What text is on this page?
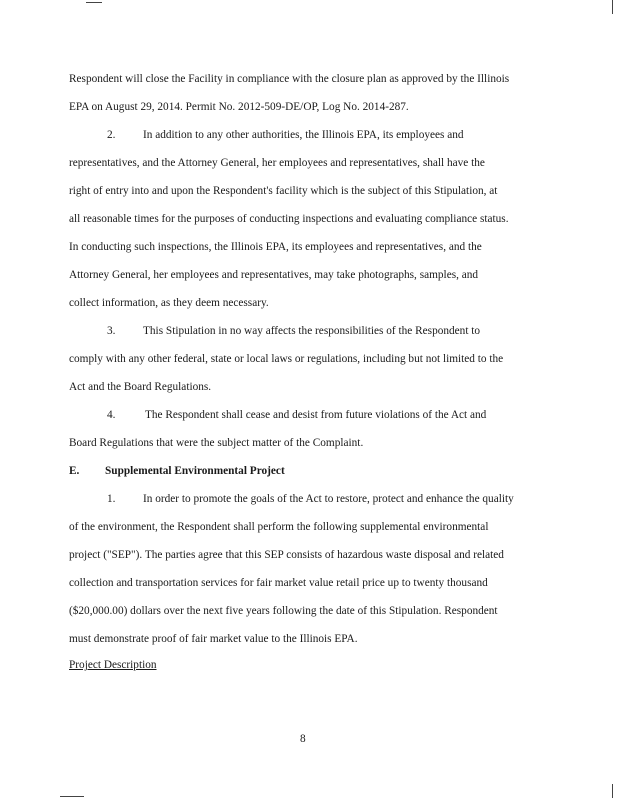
Respondent will close the Facility in compliance with the closure plan as approved by the Illinois
EPA on August 29, 2014. Permit No. 2012-509-DE/OP, Log No. 2014-287.
2. In addition to any other authorities, the Illinois EPA, its employees and
representatives, and the Attorney General, her employees and representatives, shall have the
right of entry into and upon the Respondent's facility which is the subject of this Stipulation, at
all reasonable times for the purposes of conducting inspections and evaluating compliance status.
In conducting such inspections, the Illinois EPA, its employees and representatives, and the
Attorney General, her employees and representatives, may take photographs, samples, and
collect information, as they deem necessary.
3. This Stipulation in no way affects the responsibilities of the Respondent to
comply with any other federal, state or local laws or regulations, including but not limited to the
Act and the Board Regulations.
4.	The Respondent shall cease and desist from future violations of the Act and
Board Regulations that were the subject matter of the Complaint.
E. Supplemental Environmental Project
1. In order to promote the goals of the Act to restore, protect and enhance the quality
of the environment, the Respondent shall perform the following supplemental environmental
project ("SEP"). The parties agree that this SEP consists of hazardous waste disposal and related
collection and transportation services for fair market value retail price up to twenty thousand
($20,000.00) dollars over the next five years following the date of this Stipulation. Respondent
must demonstrate proof of fair market value to the Illinois EPA.
Project Description
8
